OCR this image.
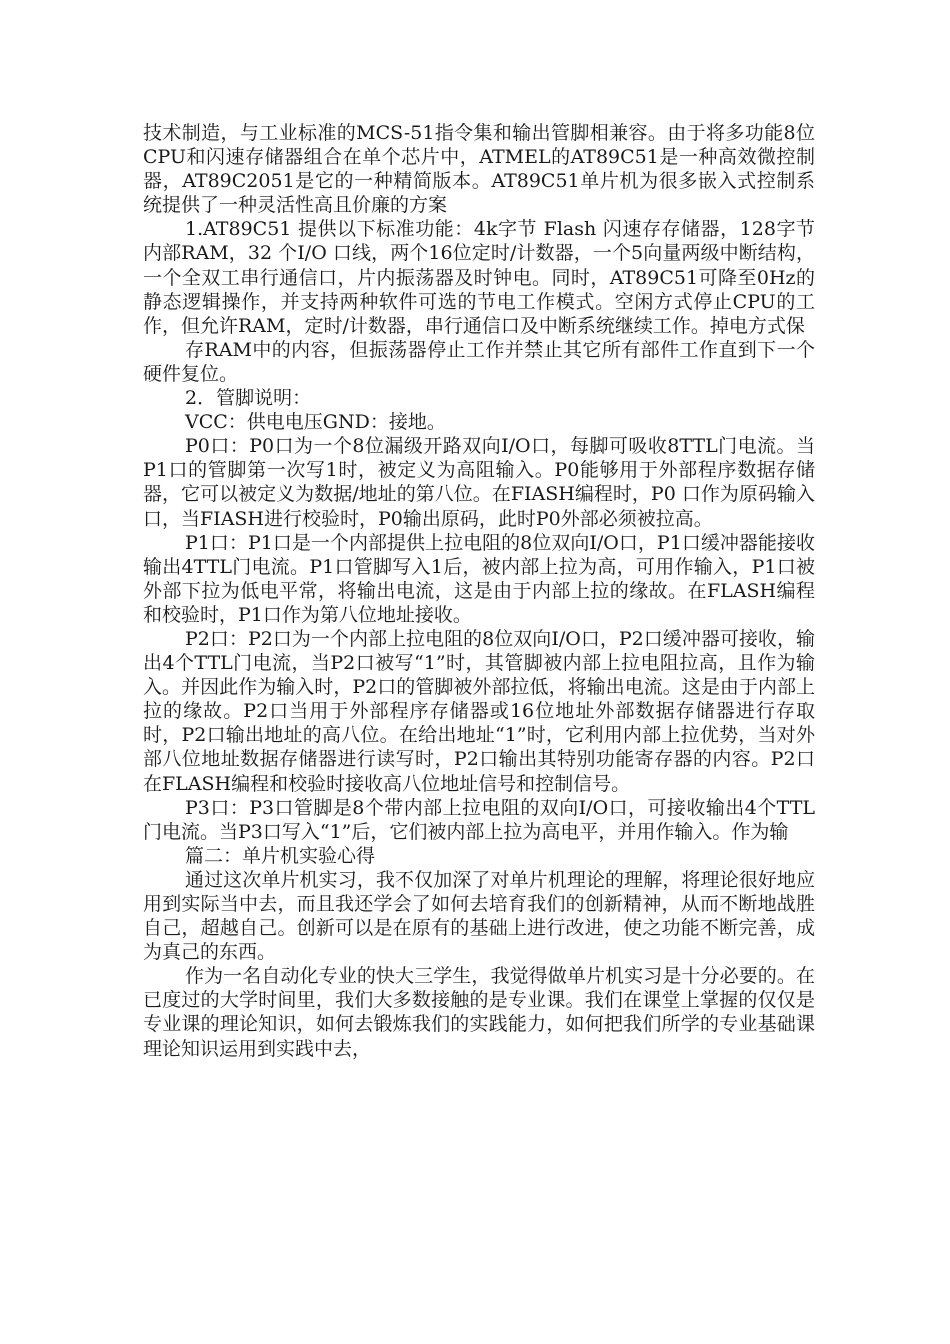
技术制造，与工业标准的MCS-51指令集和输出管脚相兼容。由于将多功能8位CPU和闪速存储器组合在单个芯片中，ATMEL的AT89C51是一种高效微控制器，AT89C2051是它的一种精简版本。AT89C51单片机为很多嵌入式控制系统提供了一种灵活性高且价廉的方案

1.AT89C51 提供以下标准功能：4k字节 Flash 闪速存存储器，128字节内部RAM，32 个I/O 口线，两个16位定时/计数器，一个5向量两级中断结构，一个全双工串行通信口，片内振荡器及时钟电。同时，AT89C51可降至0Hz的静态逻辑操作，并支持两种软件可选的节电工作模式。空闲方式停止CPU的工作，但允许RAM，定时/计数器，串行通信口及中断系统继续工作。掉电方式保

存RAM中的内容，但振荡器停止工作并禁止其它所有部件工作直到下一个硬件复位。

2．管脚说明：

VCC：供电电压GND：接地。

P0口：P0口为一个8位漏级开路双向I/O口，每脚可吸收8TTL门电流。当P1口的管脚第一次写1时，被定义为高阻输入。P0能够用于外部程序数据存储器，它可以被定义为数据/地址的第八位。在FIASH编程时，P0 口作为原码输入口，当FIASH进行校验时，P0输出原码，此时P0外部必须被拉高。

P1口：P1口是一个内部提供上拉电阻的8位双向I/O口，P1口缓冲器能接收输出4TTL门电流。P1口管脚写入1后，被内部上拉为高，可用作输入，P1口被外部下拉为低电平常，将输出电流，这是由于内部上拉的缘故。在FLASH编程和校验时，P1口作为第八位地址接收。

P2口：P2口为一个内部上拉电阻的8位双向I/O口，P2口缓冲器可接收，输出4个TTL门电流，当P2口被写“1”时，其管脚被内部上拉电阻拉高，且作为输入。并因此作为输入时，P2口的管脚被外部拉低，将输出电流。这是由于内部上拉的缘故。P2口当用于外部程序存储器或16位地址外部数据存储器进行存取时，P2口输出地址的高八位。在给出地址“1”时，它利用内部上拉优势，当对外部八位地址数据存储器进行读写时，P2口输出其特别功能寄存器的内容。P2口在FLASH编程和校验时接收高八位地址信号和控制信号。

P3口：P3口管脚是8个带内部上拉电阻的双向I/O口，可接收输出4个TTL门电流。当P3口写入“1”后，它们被内部上拉为高电平，并用作输入。作为输

篇二：单片机实验心得

通过这次单片机实习，我不仅加深了对单片机理论的理解，将理论很好地应用到实际当中去，而且我还学会了如何去培育我们的创新精神，从而不断地战胜自己，超越自己。创新可以是在原有的基础上进行改进，使之功能不断完善，成为真己的东西。

作为一名自动化专业的快大三学生，我觉得做单片机实习是十分必要的。在已度过的大学时间里，我们大多数接触的是专业课。我们在课堂上掌握的仅仅是专业课的理论知识，如何去锻炼我们的实践能力，如何把我们所学的专业基础课理论知识运用到实践中去，
